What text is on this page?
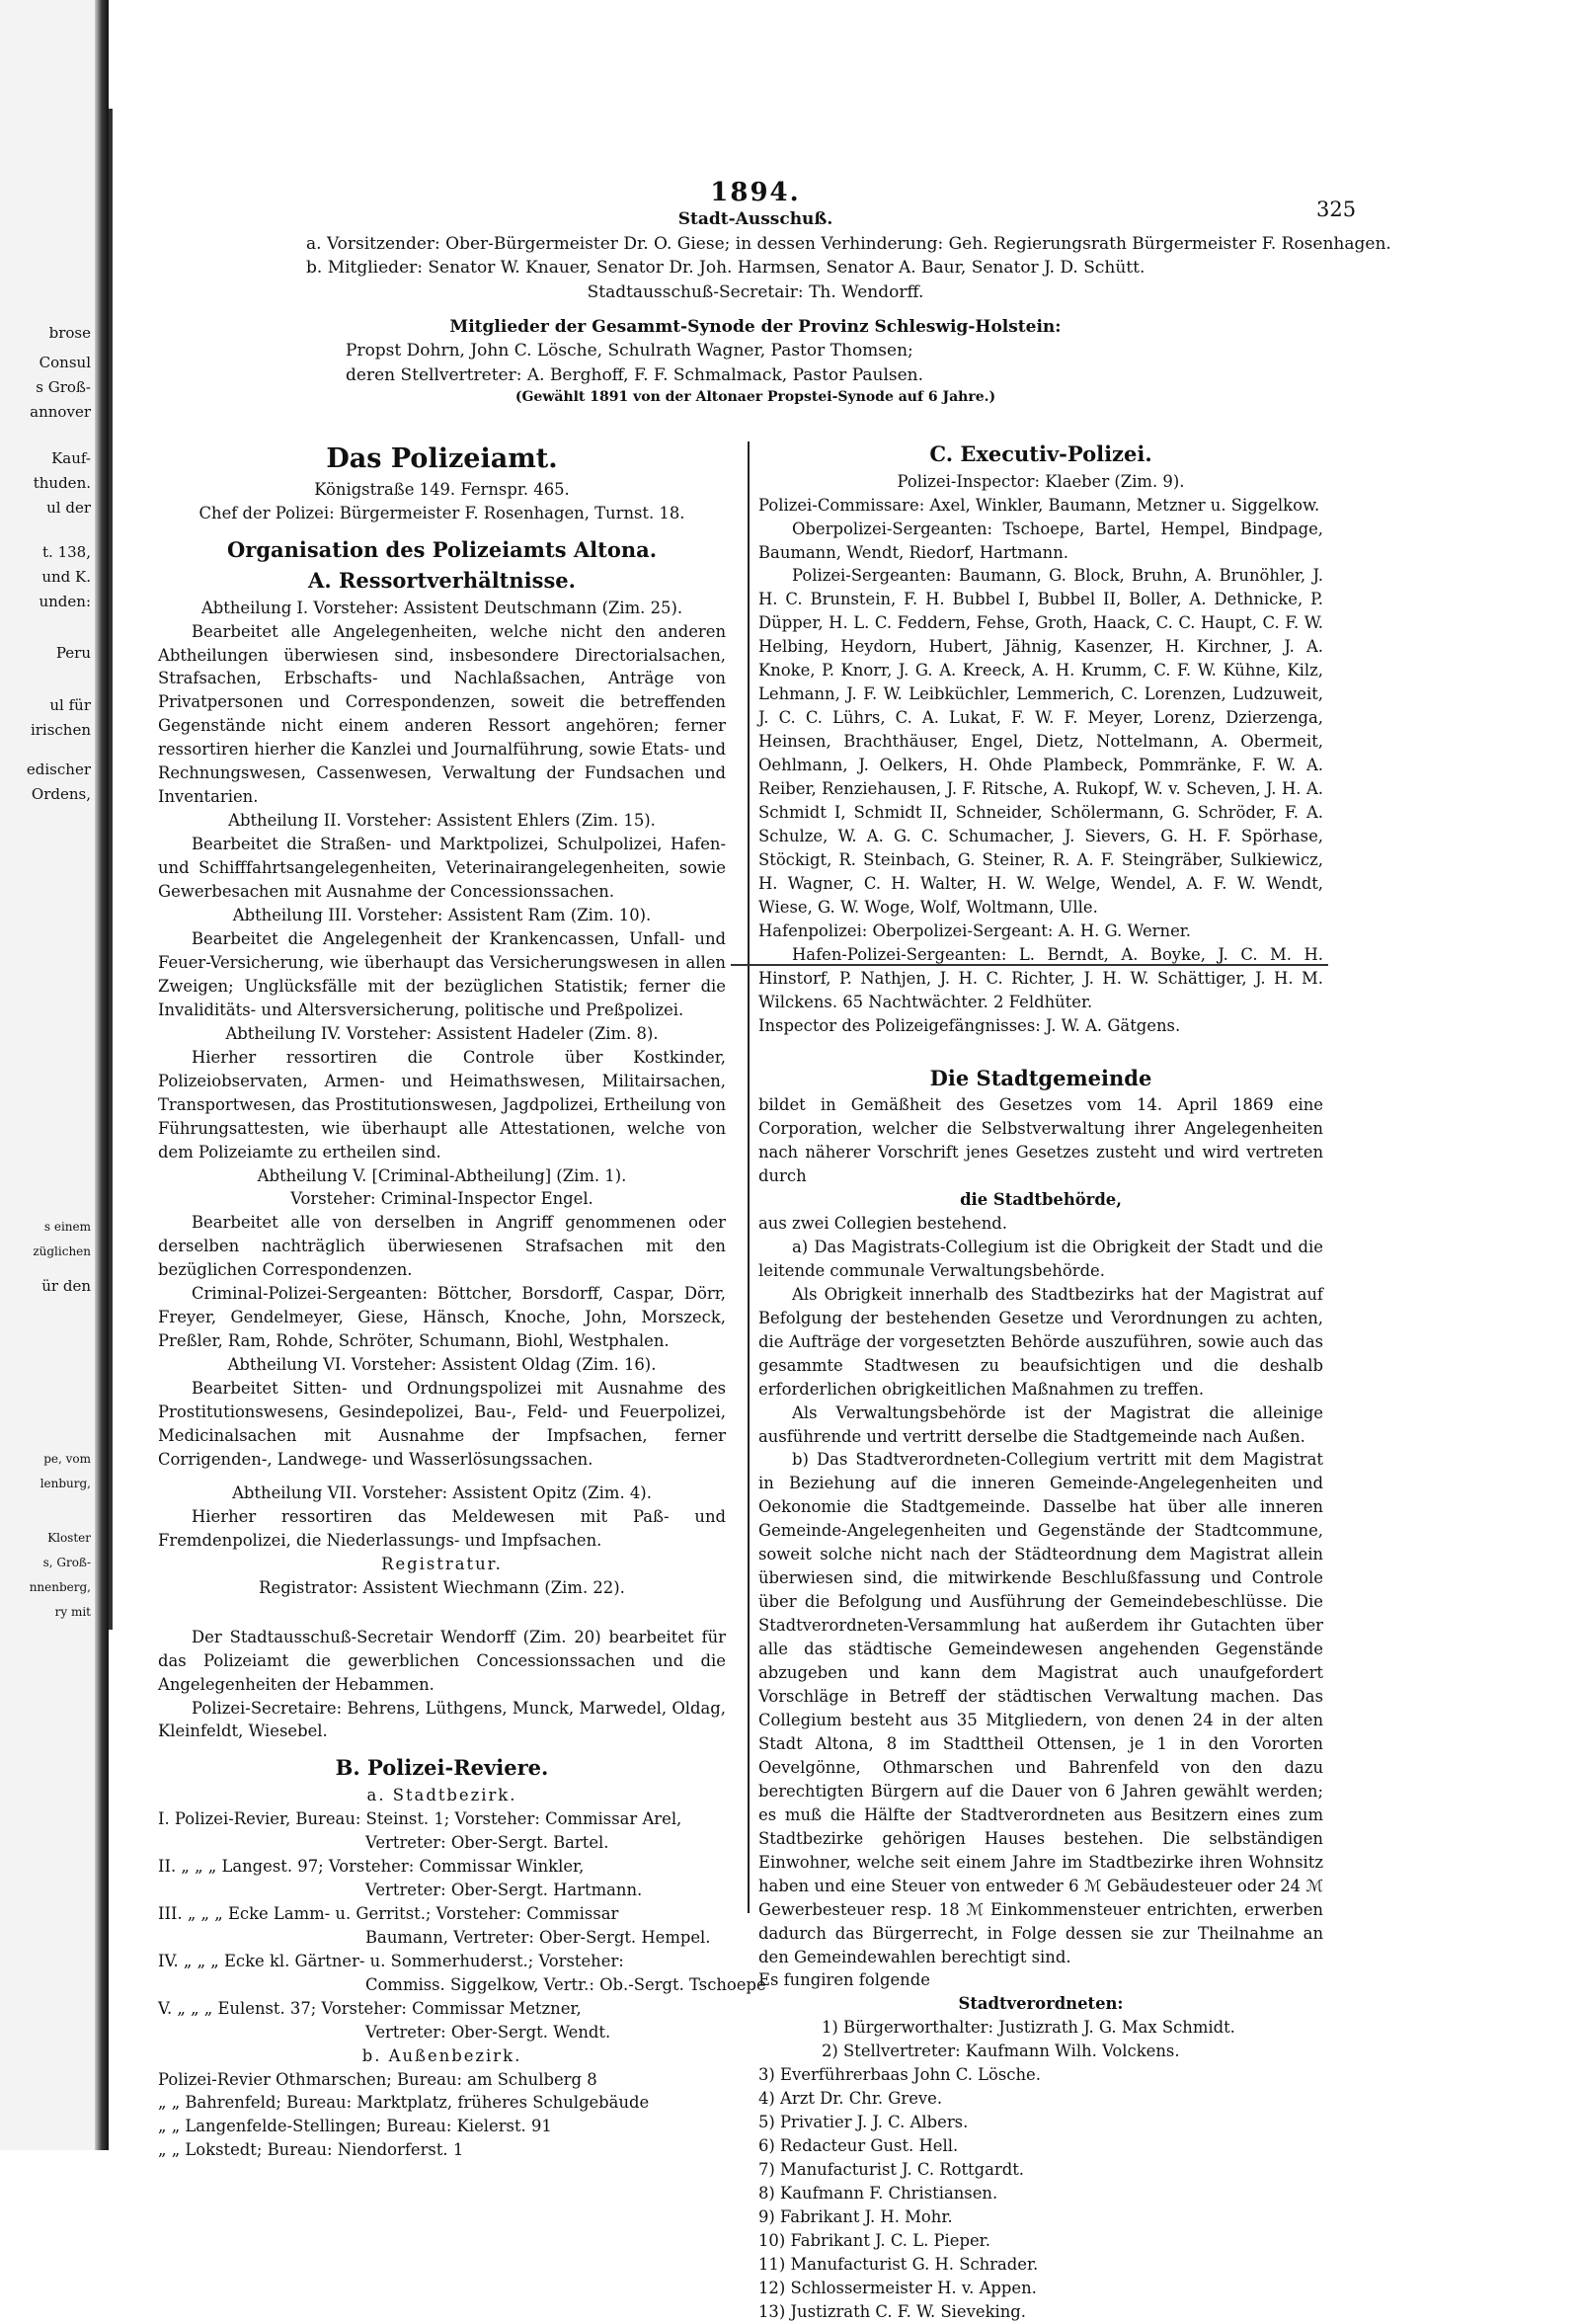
brose
Consul
s Groß-
annover
Kauf-
thuden.
ul der
t. 138,
und K.
unden:
Peru
ul für
irischen
edischer
Ordens,
s einem
züglichen
ür den
pe, vom
lenburg,
Kloster
s, Groß-
nnenberg,
ry mit
325
1894.
Stadt-Ausschuß.
a. Vorsitzender: Ober-Bürgermeister Dr. O. Giese; in dessen Verhinderung: Geh. Regierungsrath Bürgermeister F. Rosenhagen.
b. Mitglieder: Senator W. Knauer, Senator Dr. Joh. Harmsen, Senator A. Baur, Senator J. D. Schütt.
Stadtausschuß-Secretair: Th. Wendorff.
Mitglieder der Gesammt-Synode der Provinz Schleswig-Holstein:
Propst Dohrn, John C. Lösche, Schulrath Wagner, Pastor Thomsen;
deren Stellvertreter: A. Berghoff, F. F. Schmalmack, Pastor Paulsen.
(Gewählt 1891 von der Altonaer Propstei-Synode auf 6 Jahre.)

Das Polizeiamt.

Königstraße 149. Fernspr. 465.

Chef der Polizei: Bürgermeister F. Rosenhagen, Turnst. 18.

Organisation des Polizeiamts Altona.

A. Ressortverhältnisse.

Abtheilung I. Vorsteher: Assistent Deutschmann (Zim. 25).

Bearbeitet alle Angelegenheiten, welche nicht den anderen Abtheilungen überwiesen sind, insbesondere Directorialsachen, Strafsachen, Erbschafts- und Nachlaßsachen, Anträge von Privatpersonen und Correspondenzen, soweit die betreffenden Gegenstände nicht einem anderen Ressort angehören; ferner ressortiren hierher die Kanzlei und Journalführung, sowie Etats- und Rechnungswesen, Cassenwesen, Verwaltung der Fundsachen und Inventarien.

Abtheilung II. Vorsteher: Assistent Ehlers (Zim. 15).

Bearbeitet die Straßen- und Marktpolizei, Schulpolizei, Hafen- und Schifffahrtsangelegenheiten, Veterinairangelegenheiten, sowie Gewerbesachen mit Ausnahme der Concessionssachen.

Abtheilung III. Vorsteher: Assistent Ram (Zim. 10).

Bearbeitet die Angelegenheit der Krankencassen, Unfall- und Feuer-Versicherung, wie überhaupt das Versicherungswesen in allen Zweigen; Unglücksfälle mit der bezüglichen Statistik; ferner die Invaliditäts- und Altersversicherung, politische und Preßpolizei.

Abtheilung IV. Vorsteher: Assistent Hadeler (Zim. 8).

Hierher ressortiren die Controle über Kostkinder, Polizeiobservaten, Armen- und Heimathswesen, Militairsachen, Transportwesen, das Prostitutionswesen, Jagdpolizei, Ertheilung von Führungsattesten, wie überhaupt alle Attestationen, welche von dem Polizeiamte zu ertheilen sind.

Abtheilung V. [Criminal-Abtheilung] (Zim. 1).

Vorsteher: Criminal-Inspector Engel.

Bearbeitet alle von derselben in Angriff genommenen oder derselben nachträglich überwiesenen Strafsachen mit den bezüglichen Correspondenzen.

Criminal-Polizei-Sergeanten: Böttcher, Borsdorff, Caspar, Dörr, Freyer, Gendelmeyer, Giese, Hänsch, Knoche, John, Morszeck, Preßler, Ram, Rohde, Schröter, Schumann, Biohl, Westphalen.

Abtheilung VI. Vorsteher: Assistent Oldag (Zim. 16).

Bearbeitet Sitten- und Ordnungspolizei mit Ausnahme des Prostitutionswesens, Gesindepolizei, Bau-, Feld- und Feuerpolizei, Medicinalsachen mit Ausnahme der Impfsachen, ferner Corrigenden-, Landwege- und Wasserlösungssachen.

Abtheilung VII. Vorsteher: Assistent Opitz (Zim. 4).

Hierher ressortiren das Meldewesen mit Paß- und Fremdenpolizei, die Niederlassungs- und Impfsachen.

Registratur.

Registrator: Assistent Wiechmann (Zim. 22).

Der Stadtausschuß-Secretair Wendorff (Zim. 20) bearbeitet für das Polizeiamt die gewerblichen Concessionssachen und die Angelegenheiten der Hebammen.

Polizei-Secretaire: Behrens, Lüthgens, Munck, Marwedel, Oldag, Kleinfeldt, Wiesebel.

B. Polizei-Reviere.

a. Stadtbezirk.

I. Polizei-Revier, Bureau: Steinst. 1; Vorsteher: Commissar Arel,

Vertreter: Ober-Sergt. Bartel.

II. „ „ „ Langest. 97; Vorsteher: Commissar Winkler,

Vertreter: Ober-Sergt. Hartmann.

III. „ „ „ Ecke Lamm- u. Gerritst.; Vorsteher: Commissar

Baumann, Vertreter: Ober-Sergt. Hempel.

IV. „ „ „ Ecke kl. Gärtner- u. Sommerhuderst.; Vorsteher:

Commiss. Siggelkow, Vertr.: Ob.-Sergt. Tschoepe

V. „ „ „ Eulenst. 37; Vorsteher: Commissar Metzner,

Vertreter: Ober-Sergt. Wendt.

b. Außenbezirk.

Polizei-Revier Othmarschen; Bureau: am Schulberg 8

„ „ Bahrenfeld; Bureau: Marktplatz, früheres Schulgebäude

„ „ Langenfelde-Stellingen; Bureau: Kielerst. 91

„ „ Lokstedt; Bureau: Niendorferst. 1

C. Executiv-Polizei.

Polizei-Inspector: Klaeber (Zim. 9).

Polizei-Commissare: Axel, Winkler, Baumann, Metzner u. Siggelkow.

Oberpolizei-Sergeanten: Tschoepe, Bartel, Hempel, Bindpage, Baumann, Wendt, Riedorf, Hartmann.

Polizei-Sergeanten: Baumann, G. Block, Bruhn, A. Brunöhler, J. H. C. Brunstein, F. H. Bubbel I, Bubbel II, Boller, A. Dethnicke, P. Düpper, H. L. C. Feddern, Fehse, Groth, Haack, C. C. Haupt, C. F. W. Helbing, Heydorn, Hubert, Jähnig, Kasenzer, H. Kirchner, J. A. Knoke, P. Knorr, J. G. A. Kreeck, A. H. Krumm, C. F. W. Kühne, Kilz, Lehmann, J. F. W. Leibküchler, Lemmerich, C. Lorenzen, Ludzuweit, J. C. C. Lührs, C. A. Lukat, F. W. F. Meyer, Lorenz, Dzierzenga, Heinsen, Brachthäuser, Engel, Dietz, Nottelmann, A. Obermeit, Oehlmann, J. Oelkers, H. Ohde Plambeck, Pommränke, F. W. A. Reiber, Renziehausen, J. F. Ritsche, A. Rukopf, W. v. Scheven, J. H. A. Schmidt I, Schmidt II, Schneider, Schölermann, G. Schröder, F. A. Schulze, W. A. G. C. Schumacher, J. Sievers, G. H. F. Spörhase, Stöckigt, R. Steinbach, G. Steiner, R. A. F. Steingräber, Sulkiewicz, H. Wagner, C. H. Walter, H. W. Welge, Wendel, A. F. W. Wendt, Wiese, G. W. Woge, Wolf, Woltmann, Ulle.

Hafenpolizei: Oberpolizei-Sergeant: A. H. G. Werner.

Hafen-Polizei-Sergeanten: L. Berndt, A. Boyke, J. C. M. H. Hinstorf, P. Nathjen, J. H. C. Richter, J. H. W. Schättiger, J. H. M. Wilckens. 65 Nachtwächter. 2 Feldhüter.

Inspector des Polizeigefängnisses: J. W. A. Gätgens.

Die Stadtgemeinde

bildet in Gemäßheit des Gesetzes vom 14. April 1869 eine Corporation, welcher die Selbstverwaltung ihrer Angelegenheiten nach näherer Vorschrift jenes Gesetzes zusteht und wird vertreten durch

die Stadtbehörde,

aus zwei Collegien bestehend.

a) Das Magistrats-Collegium ist die Obrigkeit der Stadt und die leitende communale Verwaltungsbehörde.

Als Obrigkeit innerhalb des Stadtbezirks hat der Magistrat auf Befolgung der bestehenden Gesetze und Verordnungen zu achten, die Aufträge der vorgesetzten Behörde auszuführen, sowie auch das gesammte Stadtwesen zu beaufsichtigen und die deshalb erforderlichen obrigkeitlichen Maßnahmen zu treffen.

Als Verwaltungsbehörde ist der Magistrat die alleinige ausführende und vertritt derselbe die Stadtgemeinde nach Außen.

b) Das Stadtverordneten-Collegium vertritt mit dem Magistrat in Beziehung auf die inneren Gemeinde-Angelegenheiten und Oekonomie die Stadtgemeinde. Dasselbe hat über alle inneren Gemeinde-Angelegenheiten und Gegenstände der Stadtcommune, soweit solche nicht nach der Städteordnung dem Magistrat allein überwiesen sind, die mitwirkende Beschlußfassung und Controle über die Befolgung und Ausführung der Gemeindebeschlüsse. Die Stadtverordneten-Versammlung hat außerdem ihr Gutachten über alle das städtische Gemeindewesen angehenden Gegenstände abzugeben und kann dem Magistrat auch unaufgefordert Vorschläge in Betreff der städtischen Verwaltung machen. Das Collegium besteht aus 35 Mitgliedern, von denen 24 in der alten Stadt Altona, 8 im Stadttheil Ottensen, je 1 in den Vororten Oevelgönne, Othmarschen und Bahrenfeld von den dazu berechtigten Bürgern auf die Dauer von 6 Jahren gewählt werden; es muß die Hälfte der Stadtverordneten aus Besitzern eines zum Stadtbezirke gehörigen Hauses bestehen. Die selbständigen Einwohner, welche seit einem Jahre im Stadtbezirke ihren Wohnsitz haben und eine Steuer von entweder 6 ℳ Gebäudesteuer oder 24 ℳ Gewerbesteuer resp. 18 ℳ Einkommensteuer entrichten, erwerben dadurch das Bürgerrecht, in Folge dessen sie zur Theilnahme an den Gemeindewahlen berechtigt sind.

Es fungiren folgende

Stadtverordneten:

1) Bürgerworthalter: Justizrath J. G. Max Schmidt.

2) Stellvertreter: Kaufmann Wilh. Volckens.

3) Everführerbaas John C. Lösche.

4) Arzt Dr. Chr. Greve.

5) Privatier J. J. C. Albers.

6) Redacteur Gust. Hell.

7) Manufacturist J. C. Rottgardt.

8) Kaufmann F. Christiansen.

9) Fabrikant J. H. Mohr.

10) Fabrikant J. C. L. Pieper.

11) Manufacturist G. H. Schrader.

12) Schlossermeister H. v. Appen.

13) Justizrath C. F. W. Sieveking.
